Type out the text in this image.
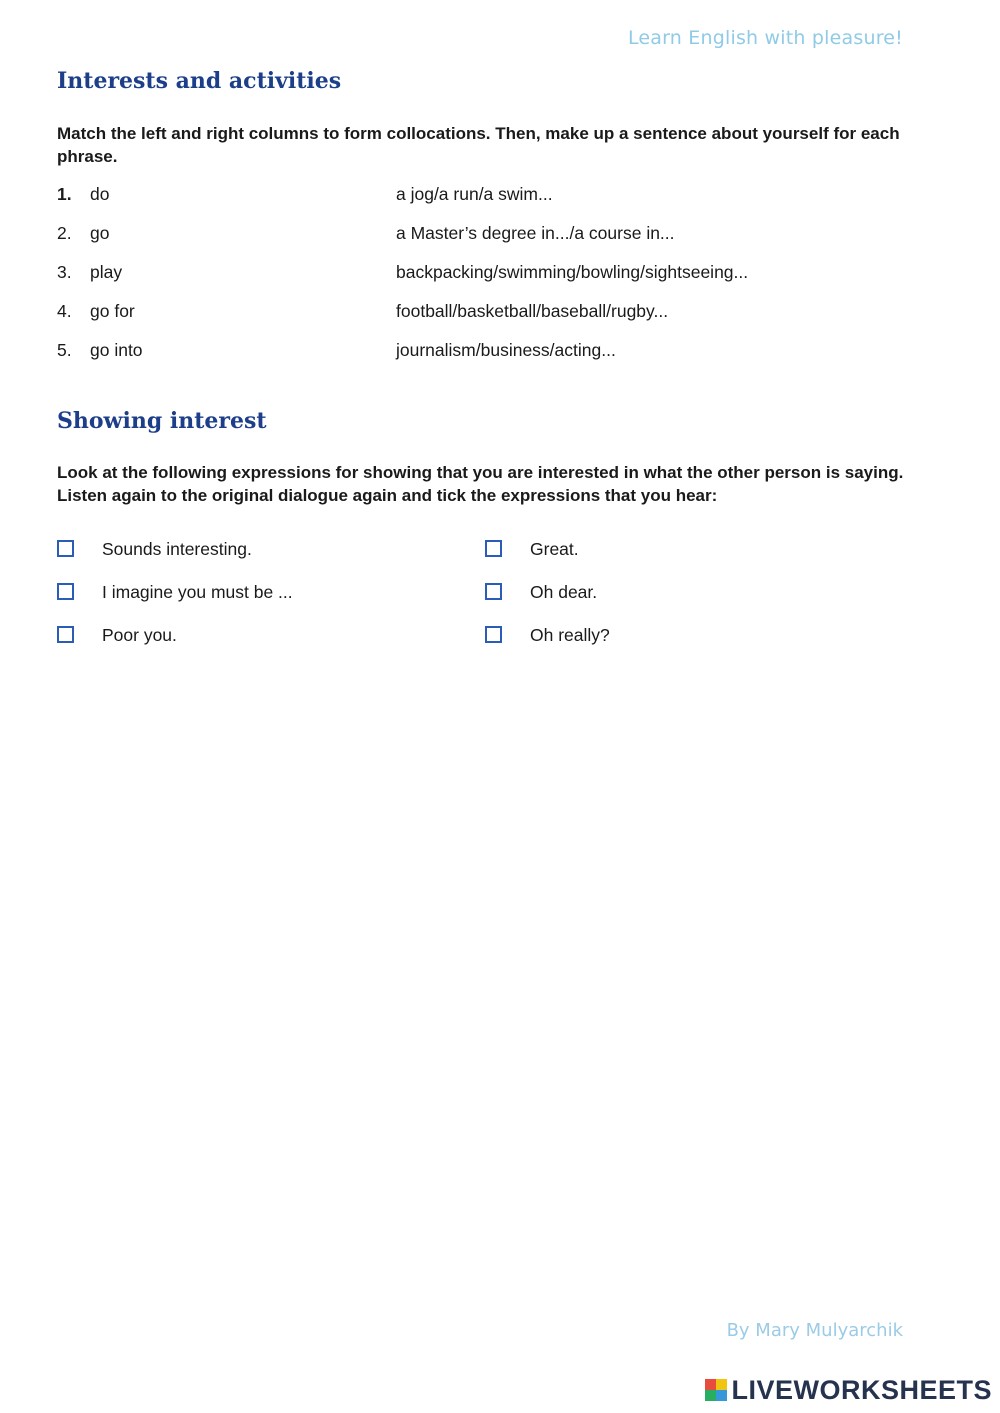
Learn English with pleasure!
Interests and activities
Match the left and right columns to form collocations. Then, make up a sentence about yourself for each phrase.
1. do	a jog/a run/a swim...
2. go	a Master’s degree in.../a course in...
3. play	backpacking/swimming/bowling/sightseeing...
4. go for	football/basketball/baseball/rugby...
5. go into	journalism/business/acting...
Showing interest
Look at the following expressions for showing that you are interested in what the other person is saying. Listen again to the original dialogue again and tick the expressions that you hear:
Sounds interesting.
I imagine you must be ...
Poor you.
Great.
Oh dear.
Oh really?
By Mary Mulyarchik
LIVEWORKSHEETS
